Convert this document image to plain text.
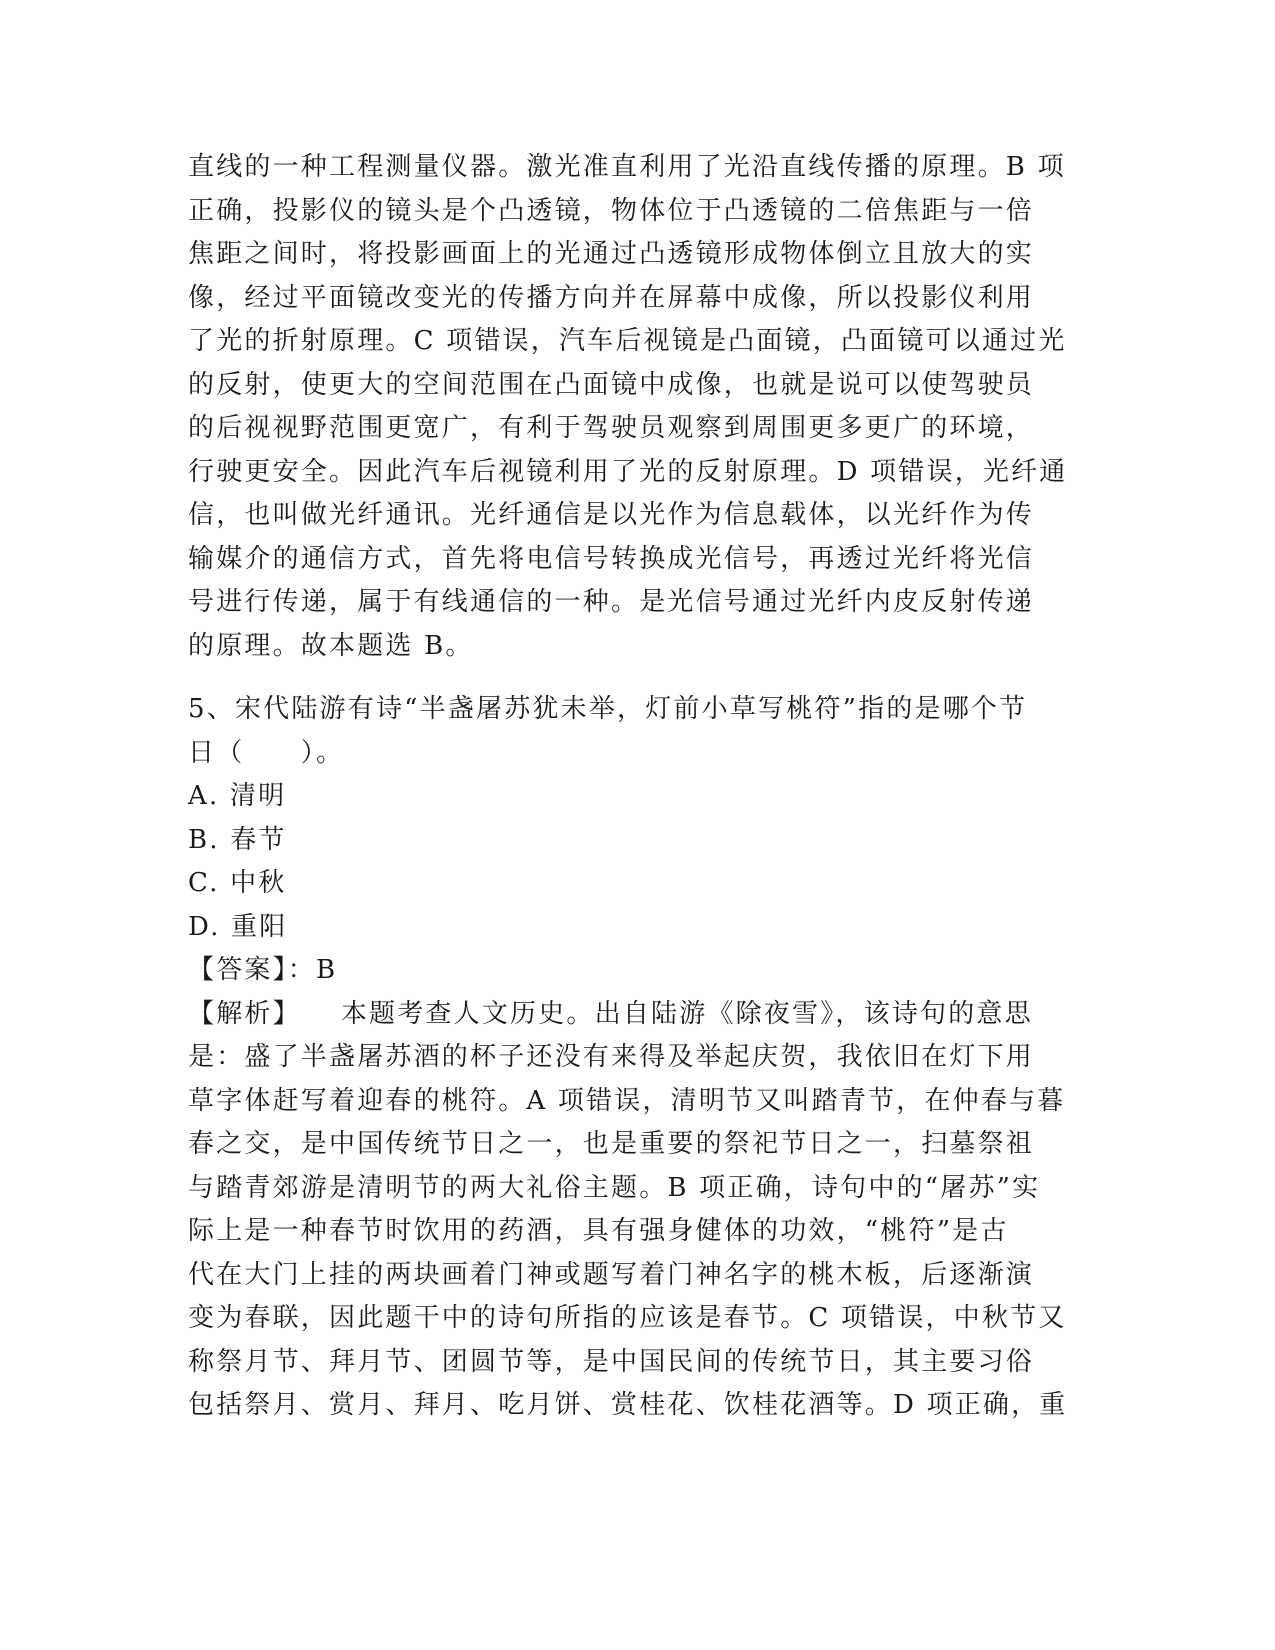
直线的一种工程测量仪器。激光准直利用了光沿直线传播的原理。B 项
正确，投影仪的镜头是个凸透镜，物体位于凸透镜的二倍焦距与一倍
焦距之间时，将投影画面上的光通过凸透镜形成物体倒立且放大的实
像，经过平面镜改变光的传播方向并在屏幕中成像，所以投影仪利用
了光的折射原理。C 项错误，汽车后视镜是凸面镜，凸面镜可以通过光
的反射，使更大的空间范围在凸面镜中成像，也就是说可以使驾驶员
的后视视野范围更宽广，有利于驾驶员观察到周围更多更广的环境，
行驶更安全。因此汽车后视镜利用了光的反射原理。D 项错误，光纤通
信，也叫做光纤通讯。光纤通信是以光作为信息载体，以光纤作为传
输媒介的通信方式，首先将电信号转换成光信号，再透过光纤将光信
号进行传递，属于有线通信的一种。是光信号通过光纤内皮反射传递
的原理。故本题选 B。
5、宋代陆游有诗“半盏屠苏犹未举，灯前小草写桃符”指的是哪个节
日（　　）。
A. 清明
B. 春节
C. 中秋
D. 重阳
【答案】：B
【解析】 本题考查人文历史。出自陆游《除夜雪》，该诗句的意思
是：盛了半盏屠苏酒的杯子还没有来得及举起庆贺，我依旧在灯下用
草字体赶写着迎春的桃符。A 项错误，清明节又叫踏青节，在仲春与暮
春之交，是中国传统节日之一，也是重要的祭祀节日之一，扫墓祭祖
与踏青郊游是清明节的两大礼俗主题。B 项正确，诗句中的“屠苏”实
际上是一种春节时饮用的药酒，具有强身健体的功效，“桃符”是古
代在大门上挂的两块画着门神或题写着门神名字的桃木板，后逐渐演
变为春联，因此题干中的诗句所指的应该是春节。C 项错误，中秋节又
称祭月节、拜月节、团圆节等，是中国民间的传统节日，其主要习俗
包括祭月、赏月、拜月、吃月饼、赏桂花、饮桂花酒等。D 项正确，重
